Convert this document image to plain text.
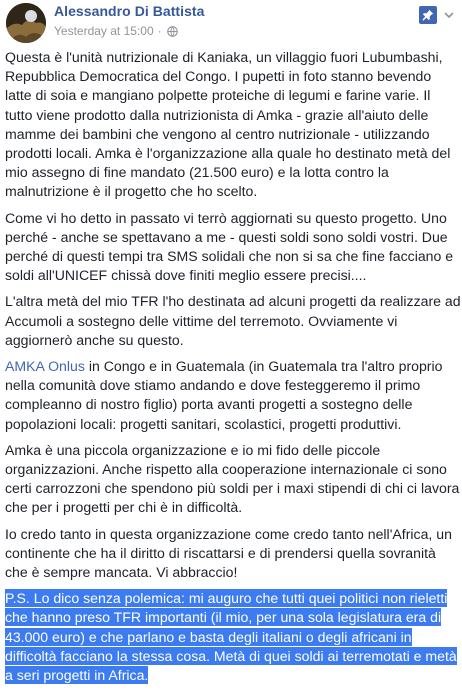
Alessandro Di Battista
Yesterday at 15:00 ·

Questa è l'unità nutrizionale di Kaniaka, un villaggio fuori Lubumbashi, Repubblica Democratica del Congo. I pupetti in foto stanno bevendo latte di soia e mangiano polpette proteiche di legumi e farine varie. Il tutto viene prodotto dalla nutrizionista di Amka - grazie all'aiuto delle mamme dei bambini che vengono al centro nutrizionale - utilizzando prodotti locali. Amka è l'organizzazione alla quale ho destinato metà del mio assegno di fine mandato (21.500 euro) e la lotta contro la malnutrizione è il progetto che ho scelto.

Come vi ho detto in passato vi terrò aggiornati su questo progetto. Uno perché - anche se spettavano a me - questi soldi sono soldi vostri. Due perché di questi tempi tra SMS solidali che non si sa che fine facciano e soldi all'UNICEF chissà dove finiti meglio essere precisi....

L'altra metà del mio TFR l'ho destinata ad alcuni progetti da realizzare ad Accumoli a sostegno delle vittime del terremoto. Ovviamente vi aggiornerò anche su questo.

AMKA Onlus in Congo e in Guatemala (in Guatemala tra l'altro proprio nella comunità dove stiamo andando e dove festeggeremo il primo compleanno di nostro figlio) porta avanti progetti a sostegno delle popolazioni locali: progetti sanitari, scolastici, progetti produttivi.

Amka è una piccola organizzazione e io mi fido delle piccole organizzazioni. Anche rispetto alla cooperazione internazionale ci sono certi carrozzoni che spendono più soldi per i maxi stipendi di chi ci lavora che per i progetti per chi è in difficoltà.

Io credo tanto in questa organizzazione come credo tanto nell'Africa, un continente che ha il diritto di riscattarsi e di prendersi quella sovranità che è sempre mancata. Vi abbraccio!

P.S. Lo dico senza polemica: mi auguro che tutti quei politici non rieletti che hanno preso TFR importanti (il mio, per una sola legislatura era di 43.000 euro) e che parlano e basta degli italiani o degli africani in difficoltà facciano la stessa cosa. Metà di quei soldi ai terremotati e metà a seri progetti in Africa.
